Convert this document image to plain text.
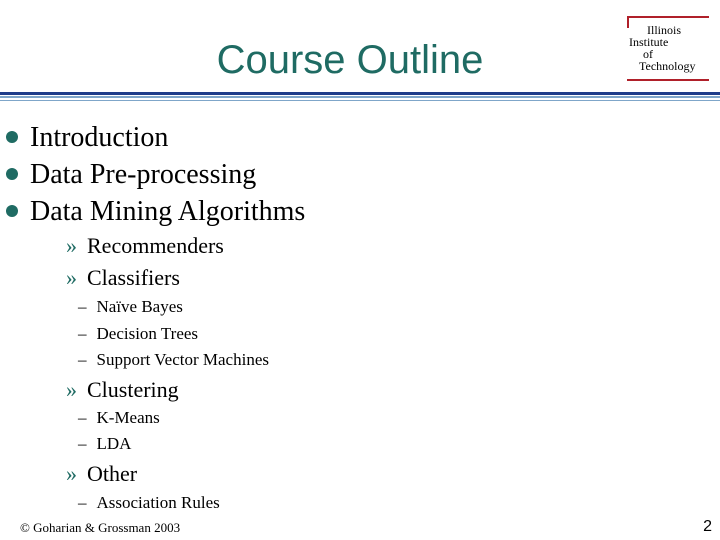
Course Outline
Illinois
Institute
of
Technology
Introduction
Data Pre-processing
Data Mining Algorithms
» Recommenders
» Classifiers
– Naïve Bayes
– Decision Trees
– Support Vector Machines
» Clustering
– K-Means
– LDA
» Other
– Association Rules
© Goharian & Grossman 2003	2
